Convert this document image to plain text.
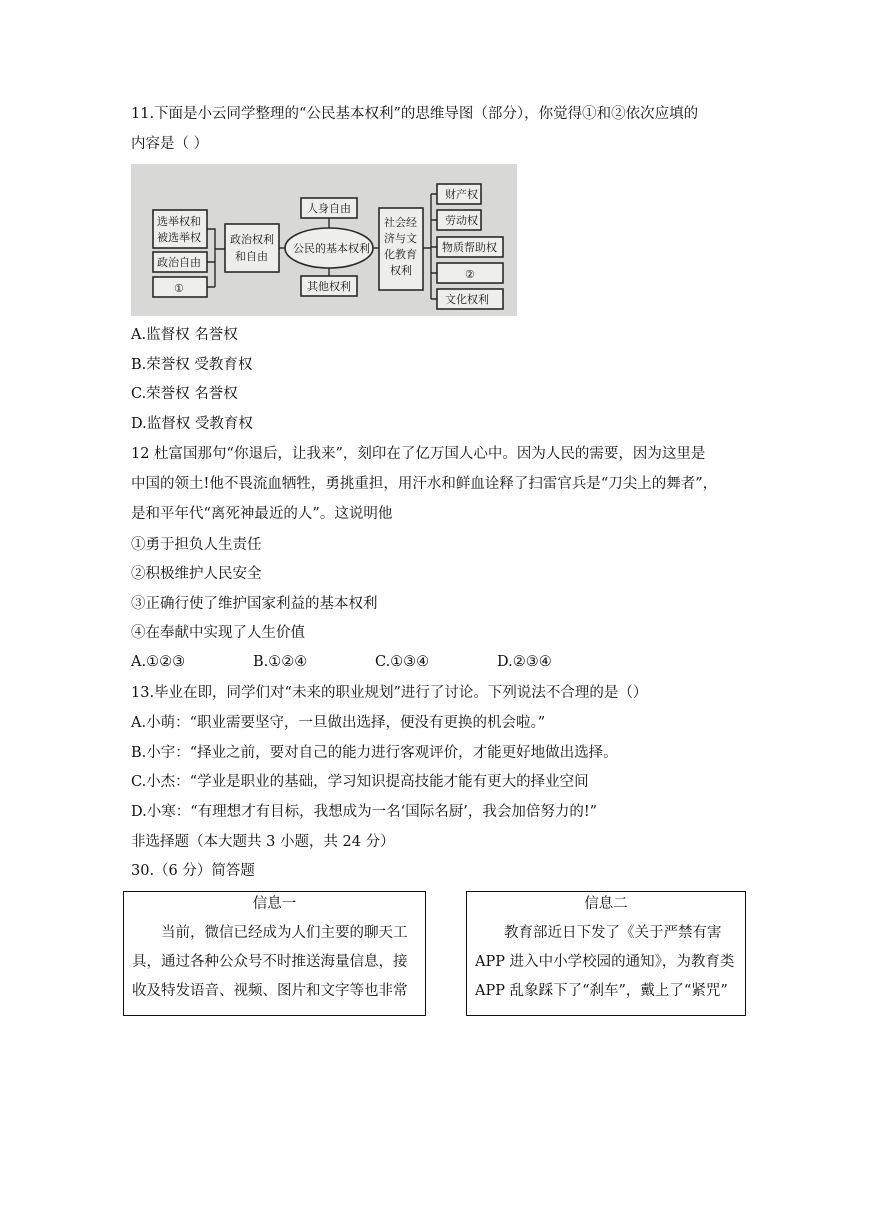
11.下面是小云同学整理的“公民基本权利”的思维导图（部分），你觉得①和②依次应填的
内容是（ ）
选举权和
被选举权
政治自由
①
政治权利
和自由
公民的基本权利
人身自由
其他权利
社会经
济与文
化教育
权利
财产权
劳动权
物质帮助权
②
文化权利
A.监督权 名誉权
B.荣誉权 受教育权
C.荣誉权 名誉权
D.监督权 受教育权
12 杜富国那句“你退后，让我来”，刻印在了亿万国人心中。因为人民的需要，因为这里是
中国的领土!他不畏流血牺牲，勇挑重担，用汗水和鲜血诠释了扫雷官兵是“刀尖上的舞者”，
是和平年代“离死神最近的人”。这说明他
①勇于担负人生责任
②积极维护人民安全
③正确行使了维护国家利益的基本权利
④在奉献中实现了人生价值
A.①②③	B.①②④	C.①③④	D.②③④
13.毕业在即，同学们对“未来的职业规划”进行了讨论。下列说法不合理的是（）
A.小萌：“职业需要坚守，一旦做出选择，便没有更换的机会啦。”
B.小宇：“择业之前，要对自己的能力进行客观评价，才能更好地做出选择。
C.小杰：“学业是职业的基础，学习知识提高技能才能有更大的择业空间
D.小寒：“有理想才有目标，我想成为一名‘国际名厨’，我会加倍努力的!”
非选择题（本大题共 3 小题，共 24 分）
30.（6 分）简答题
信息一
当前，微信已经成为人们主要的聊天工
具，通过各种公众号不时推送海量信息，接
收及特发语音、视频、图片和文字等也非常
信息二
教育部近日下发了《关于严禁有害
APP 进入中小学校园的通知》，为教育类
APP 乱象踩下了“刹车”，戴上了“紧咒”
